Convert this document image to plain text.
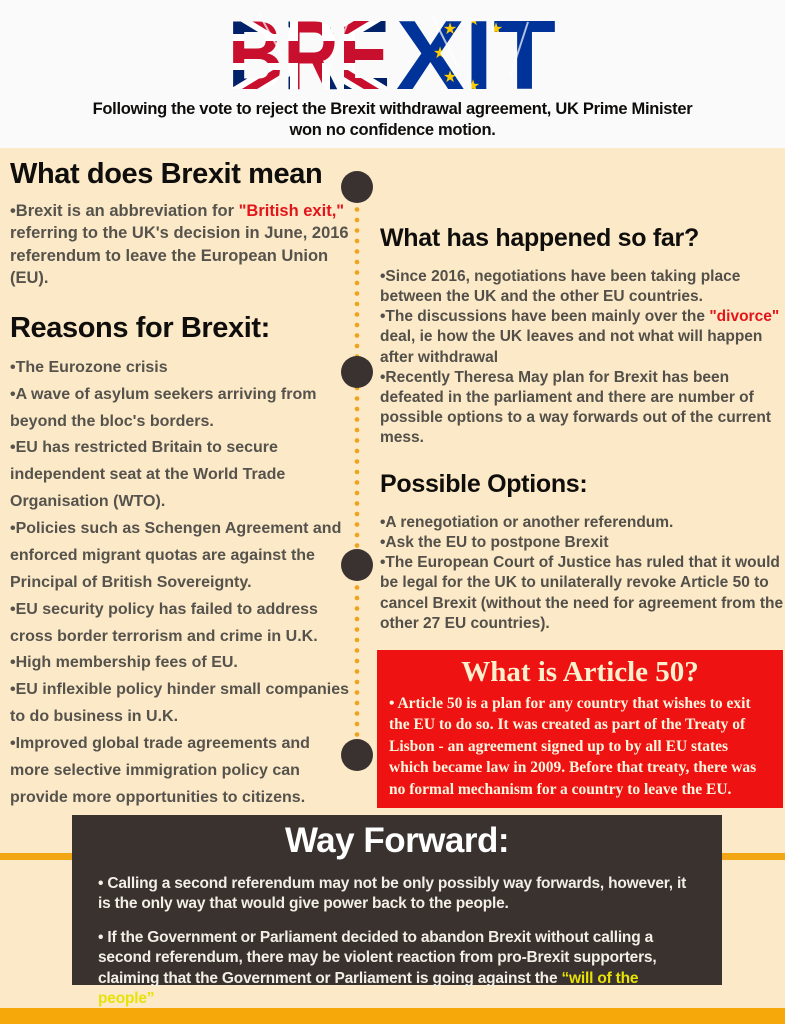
BRE XIT
Following the vote to reject the Brexit withdrawal agreement, UK Prime Minister
won no confidence motion.
What does Brexit mean

•Brexit is an abbreviation for "British exit," referring to the UK's decision in June, 2016 referendum to leave the European Union (EU).

Reasons for Brexit:

•The Eurozone crisis

•A wave of asylum seekers arriving from beyond the bloc's borders.

•EU has restricted Britain to secure independent seat at the World Trade Organisation (WTO).

•Policies such as Schengen Agreement and enforced migrant quotas are against the Principal of British Sovereignty.

•EU security policy has failed to address cross border terrorism and crime in U.K.

•High membership fees of EU.

•EU inflexible policy hinder small companies to do business in U.K.

•Improved global trade agreements and more selective immigration policy can provide more opportunities to citizens.

What has happened so far?

•Since 2016, negotiations have been taking place between the UK and the other EU countries.

•The discussions have been mainly over the "divorce" deal, ie how the UK leaves and not what will happen after withdrawal

•Recently Theresa May plan for Brexit has been defeated in the parliament and there are number of possible options to a way forwards out of the current mess.

Possible Options:

•A renegotiation or another referendum.

•Ask the EU to postpone Brexit

•The European Court of Justice has ruled that it would be legal for the UK to unilaterally revoke Article 50 to cancel Brexit (without the need for agreement from the other 27 EU countries).

What is Article 50?

• Article 50 is a plan for any country that wishes to exit the EU to do so. It was created as part of the Treaty of Lisbon - an agreement signed up to by all EU states which became law in 2009. Before that treaty, there was no formal mechanism for a country to leave the EU.

Way Forward:

• Calling a second referendum may not be only possibly way forwards, however, it is the only way that would give power back to the people.

• If the Government or Parliament decided to abandon Brexit without calling a second referendum, there may be violent reaction from pro-Brexit supporters, claiming that the Government or Parliament is going against the “will of the people”
